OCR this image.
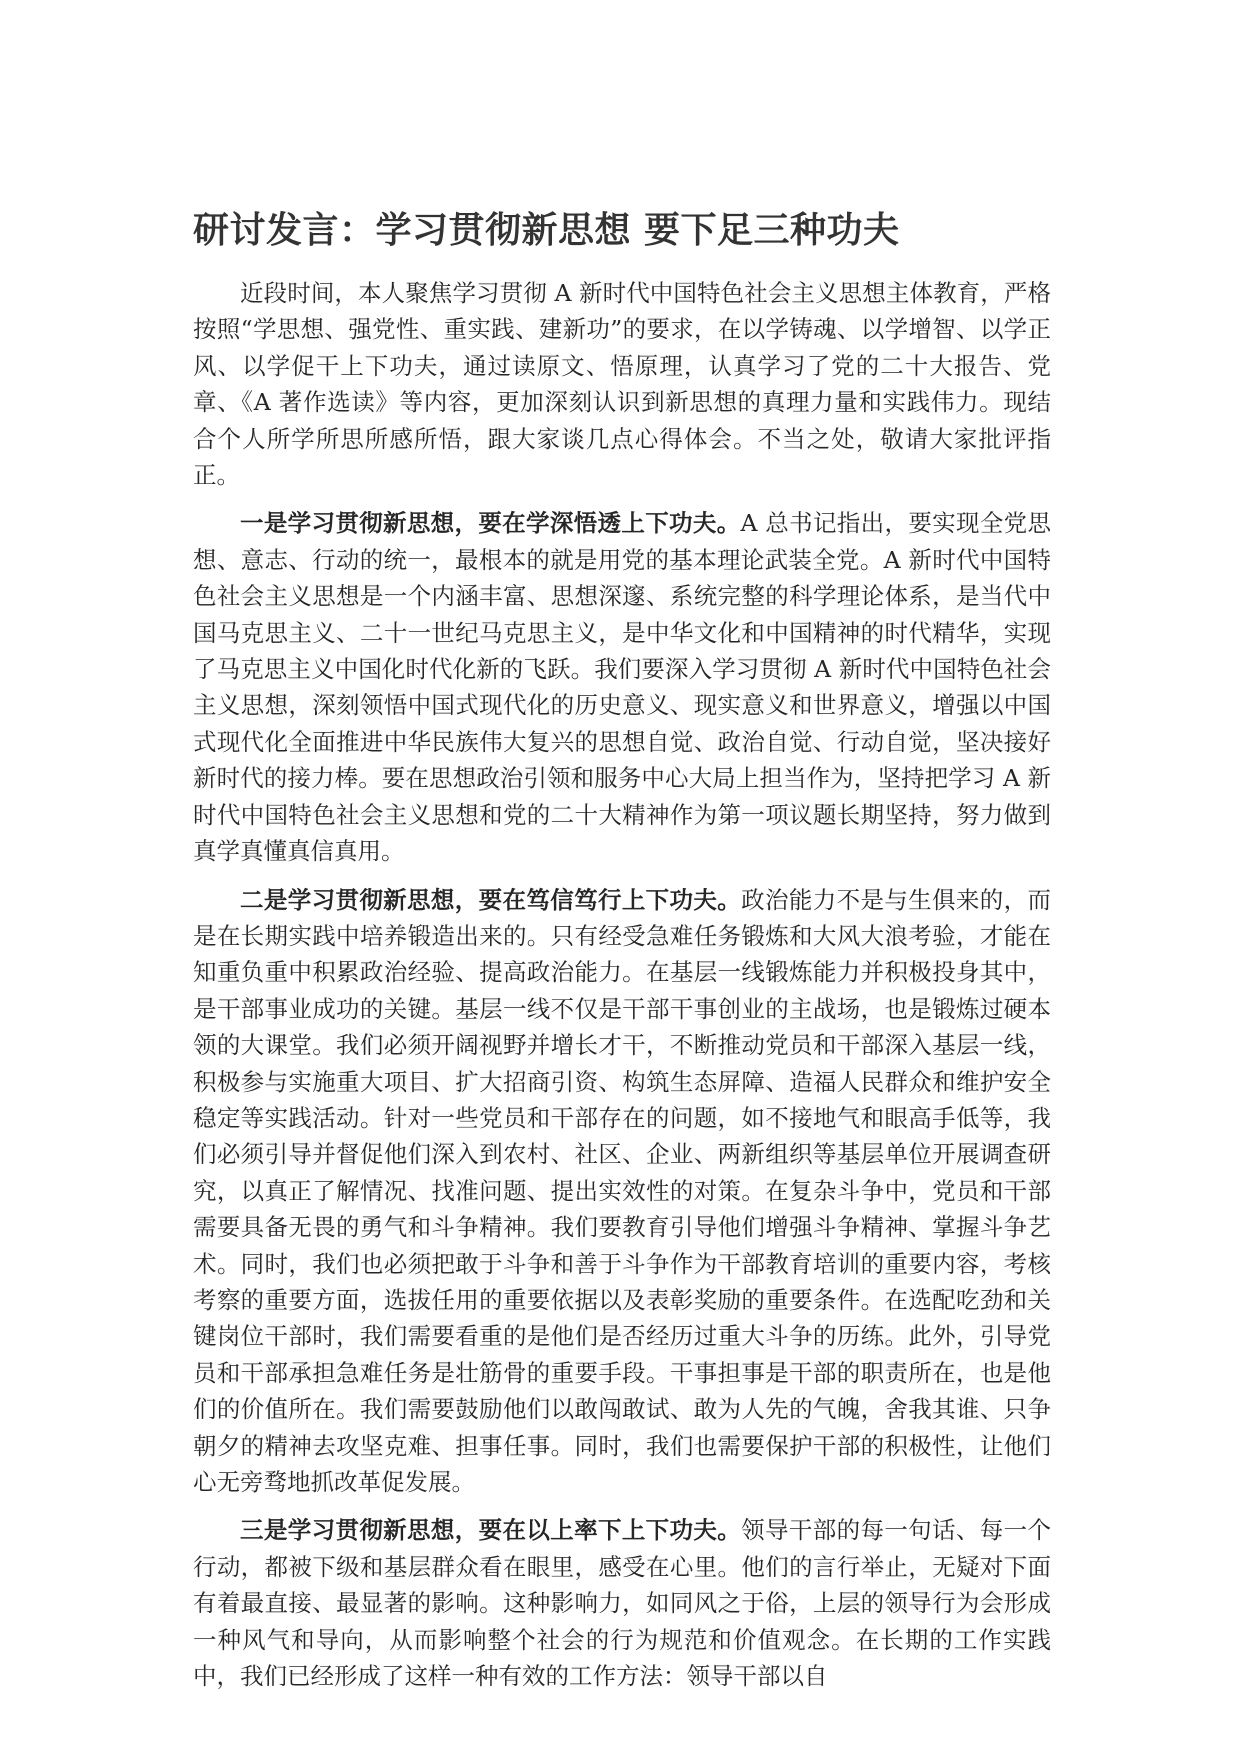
研讨发言：学习贯彻新思想 要下足三种功夫

近段时间，本人聚焦学习贯彻 A 新时代中国特色社会主义思想主体教育，严格按照“学思想、强党性、重实践、建新功”的要求，在以学铸魂、以学增智、以学正风、以学促干上下功夫，通过读原文、悟原理，认真学习了党的二十大报告、党章、《A 著作选读》等内容，更加深刻认识到新思想的真理力量和实践伟力。现结合个人所学所思所感所悟，跟大家谈几点心得体会。不当之处，敬请大家批评指正。

一是学习贯彻新思想，要在学深悟透上下功夫。A 总书记指出，要实现全党思想、意志、行动的统一，最根本的就是用党的基本理论武装全党。A 新时代中国特色社会主义思想是一个内涵丰富、思想深邃、系统完整的科学理论体系，是当代中国马克思主义、二十一世纪马克思主义，是中华文化和中国精神的时代精华，实现了马克思主义中国化时代化新的飞跃。我们要深入学习贯彻 A 新时代中国特色社会主义思想，深刻领悟中国式现代化的历史意义、现实意义和世界意义，增强以中国式现代化全面推进中华民族伟大复兴的思想自觉、政治自觉、行动自觉，坚决接好新时代的接力棒。要在思想政治引领和服务中心大局上担当作为，坚持把学习 A 新时代中国特色社会主义思想和党的二十大精神作为第一项议题长期坚持，努力做到真学真懂真信真用。

二是学习贯彻新思想，要在笃信笃行上下功夫。政治能力不是与生俱来的，而是在长期实践中培养锻造出来的。只有经受急难任务锻炼和大风大浪考验，才能在知重负重中积累政治经验、提高政治能力。在基层一线锻炼能力并积极投身其中，是干部事业成功的关键。基层一线不仅是干部干事创业的主战场，也是锻炼过硬本领的大课堂。我们必须开阔视野并增长才干，不断推动党员和干部深入基层一线，积极参与实施重大项目、扩大招商引资、构筑生态屏障、造福人民群众和维护安全稳定等实践活动。针对一些党员和干部存在的问题，如不接地气和眼高手低等，我们必须引导并督促他们深入到农村、社区、企业、两新组织等基层单位开展调查研究，以真正了解情况、找准问题、提出实效性的对策。在复杂斗争中，党员和干部需要具备无畏的勇气和斗争精神。我们要教育引导他们增强斗争精神、掌握斗争艺术。同时，我们也必须把敢于斗争和善于斗争作为干部教育培训的重要内容，考核考察的重要方面，选拔任用的重要依据以及表彰奖励的重要条件。在选配吃劲和关键岗位干部时，我们需要看重的是他们是否经历过重大斗争的历练。此外，引导党员和干部承担急难任务是壮筋骨的重要手段。干事担事是干部的职责所在，也是他们的价值所在。我们需要鼓励他们以敢闯敢试、敢为人先的气魄，舍我其谁、只争朝夕的精神去攻坚克难、担事任事。同时，我们也需要保护干部的积极性，让他们心无旁骛地抓改革促发展。

三是学习贯彻新思想，要在以上率下上下功夫。领导干部的每一句话、每一个行动，都被下级和基层群众看在眼里，感受在心里。他们的言行举止，无疑对下面有着最直接、最显著的影响。这种影响力，如同风之于俗，上层的领导行为会形成一种风气和导向，从而影响整个社会的行为规范和价值观念。在长期的工作实践中，我们已经形成了这样一种有效的工作方法：领导干部以自
